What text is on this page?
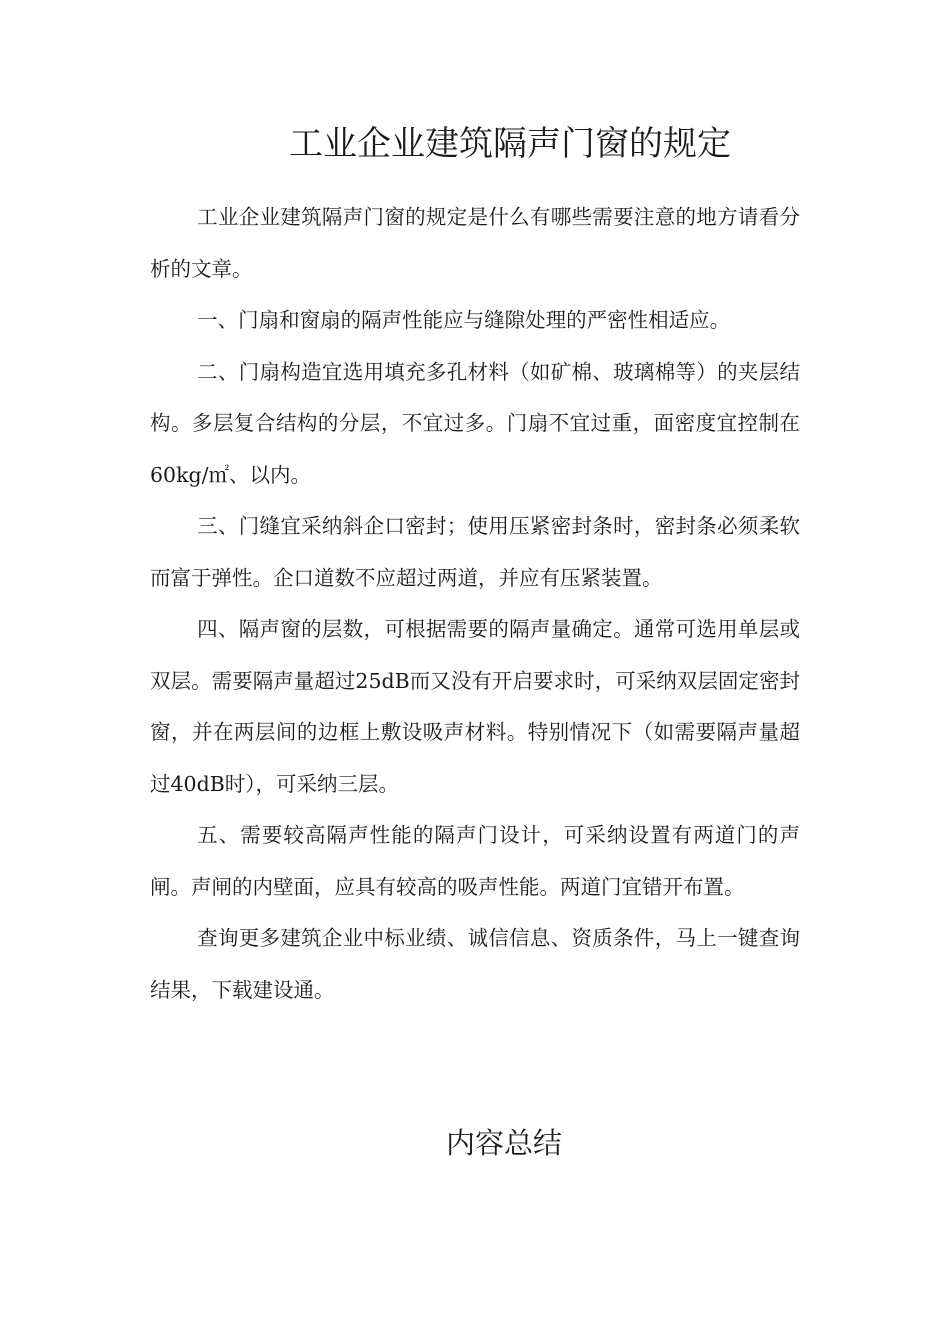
工业企业建筑隔声门窗的规定

工业企业建筑隔声门窗的规定是什么有哪些需要注意的地方请看分析的文章。

一、门扇和窗扇的隔声性能应与缝隙处理的严密性相适应。

二、门扇构造宜选用填充多孔材料（如矿棉、玻璃棉等）的夹层结构。多层复合结构的分层，不宜过多。门扇不宜过重，面密度宜控制在60kg/㎡、以内。

三、门缝宜采纳斜企口密封；使用压紧密封条时，密封条必须柔软而富于弹性。企口道数不应超过两道，并应有压紧装置。

四、隔声窗的层数，可根据需要的隔声量确定。通常可选用单层或双层。需要隔声量超过25dB而又没有开启要求时，可采纳双层固定密封窗，并在两层间的边框上敷设吸声材料。特别情况下（如需要隔声量超过40dB时），可采纳三层。

五、需要较高隔声性能的隔声门设计，可采纳设置有两道门的声闸。声闸的内壁面，应具有较高的吸声性能。两道门宜错开布置。

查询更多建筑企业中标业绩、诚信信息、资质条件，马上一键查询结果，下载建设通。

内容总结
